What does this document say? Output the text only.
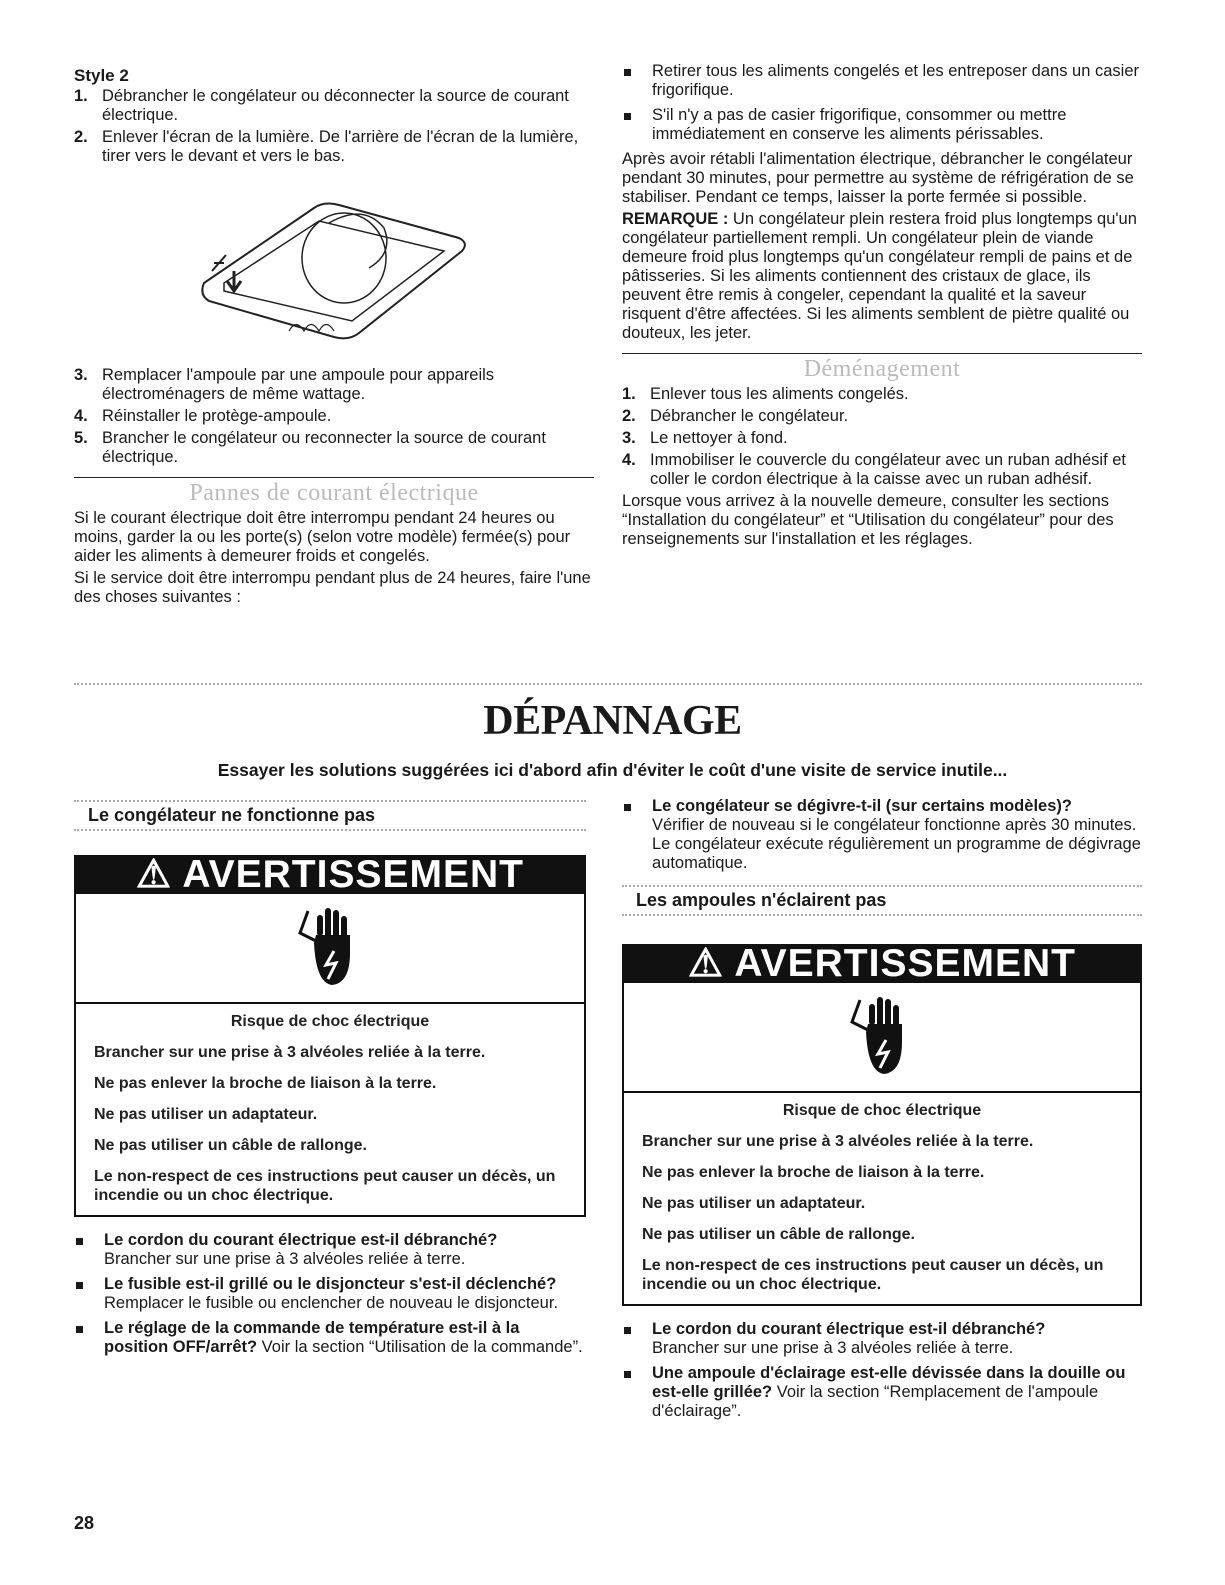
Style 2
1. Débrancher le congélateur ou déconnecter la source de courant électrique.
2. Enlever l'écran de la lumière. De l'arrière de l'écran de la lumière, tirer vers le devant et vers le bas.
3. Remplacer l'ampoule par une ampoule pour appareils électroménagers de même wattage.
4. Réinstaller le protège-ampoule.
5. Brancher le congélateur ou reconnecter la source de courant électrique.
Pannes de courant électrique

Si le courant électrique doit être interrompu pendant 24 heures ou moins, garder la ou les porte(s) (selon votre modèle) fermée(s) pour aider les aliments à demeurer froids et congelés.

Si le service doit être interrompu pendant plus de 24 heures, faire l'une des choses suivantes :

Retirer tous les aliments congelés et les entreposer dans un casier frigorifique.
S'il n'y a pas de casier frigorifique, consommer ou mettre immédiatement en conserve les aliments périssables.

Après avoir rétabli l'alimentation électrique, débrancher le congélateur pendant 30 minutes, pour permettre au système de réfrigération de se stabiliser. Pendant ce temps, laisser la porte fermée si possible.

REMARQUE : Un congélateur plein restera froid plus longtemps qu'un congélateur partiellement rempli. Un congélateur plein de viande demeure froid plus longtemps qu'un congélateur rempli de pains et de pâtisseries. Si les aliments contiennent des cristaux de glace, ils peuvent être remis à congeler, cependant la qualité et la saveur risquent d'être affectées. Si les aliments semblent de piètre qualité ou douteux, les jeter.

Déménagement
1. Enlever tous les aliments congelés.
2. Débrancher le congélateur.
3. Le nettoyer à fond.
4. Immobiliser le couvercle du congélateur avec un ruban adhésif et coller le cordon électrique à la caisse avec un ruban adhésif.

Lorsque vous arrivez à la nouvelle demeure, consulter les sections “Installation du congélateur” et “Utilisation du congélateur” pour des renseignements sur l'installation et les réglages.

DÉPANNAGE
Essayer les solutions suggérées ici d'abord afin d'éviter le coût d'une visite de service inutile...
Le congélateur ne fonctionne pas
⚠ AVERTISSEMENT
Risque de choc électrique
Brancher sur une prise à 3 alvéoles reliée à la terre.
Ne pas enlever la broche de liaison à la terre.
Ne pas utiliser un adaptateur.
Ne pas utiliser un câble de rallonge.
Le non-respect de ces instructions peut causer un décès, un incendie ou un choc électrique.
Le cordon du courant électrique est-il débranché?
Brancher sur une prise à 3 alvéoles reliée à terre.
Le fusible est-il grillé ou le disjoncteur s'est-il déclenché?
Remplacer le fusible ou enclencher de nouveau le disjoncteur.
Le réglage de la commande de température est-il à la position OFF/arrêt? Voir la section “Utilisation de la commande”.
Le congélateur se dégivre-t-il (sur certains modèles)?
Vérifier de nouveau si le congélateur fonctionne après 30 minutes. Le congélateur exécute régulièrement un programme de dégivrage automatique.
Les ampoules n'éclairent pas
⚠ AVERTISSEMENT
Risque de choc électrique
Brancher sur une prise à 3 alvéoles reliée à la terre.
Ne pas enlever la broche de liaison à la terre.
Ne pas utiliser un adaptateur.
Ne pas utiliser un câble de rallonge.
Le non-respect de ces instructions peut causer un décès, un incendie ou un choc électrique.
Le cordon du courant électrique est-il débranché?
Brancher sur une prise à 3 alvéoles reliée à terre.
Une ampoule d'éclairage est-elle dévissée dans la douille ou est-elle grillée? Voir la section “Remplacement de l'ampoule d'éclairage”.
28
